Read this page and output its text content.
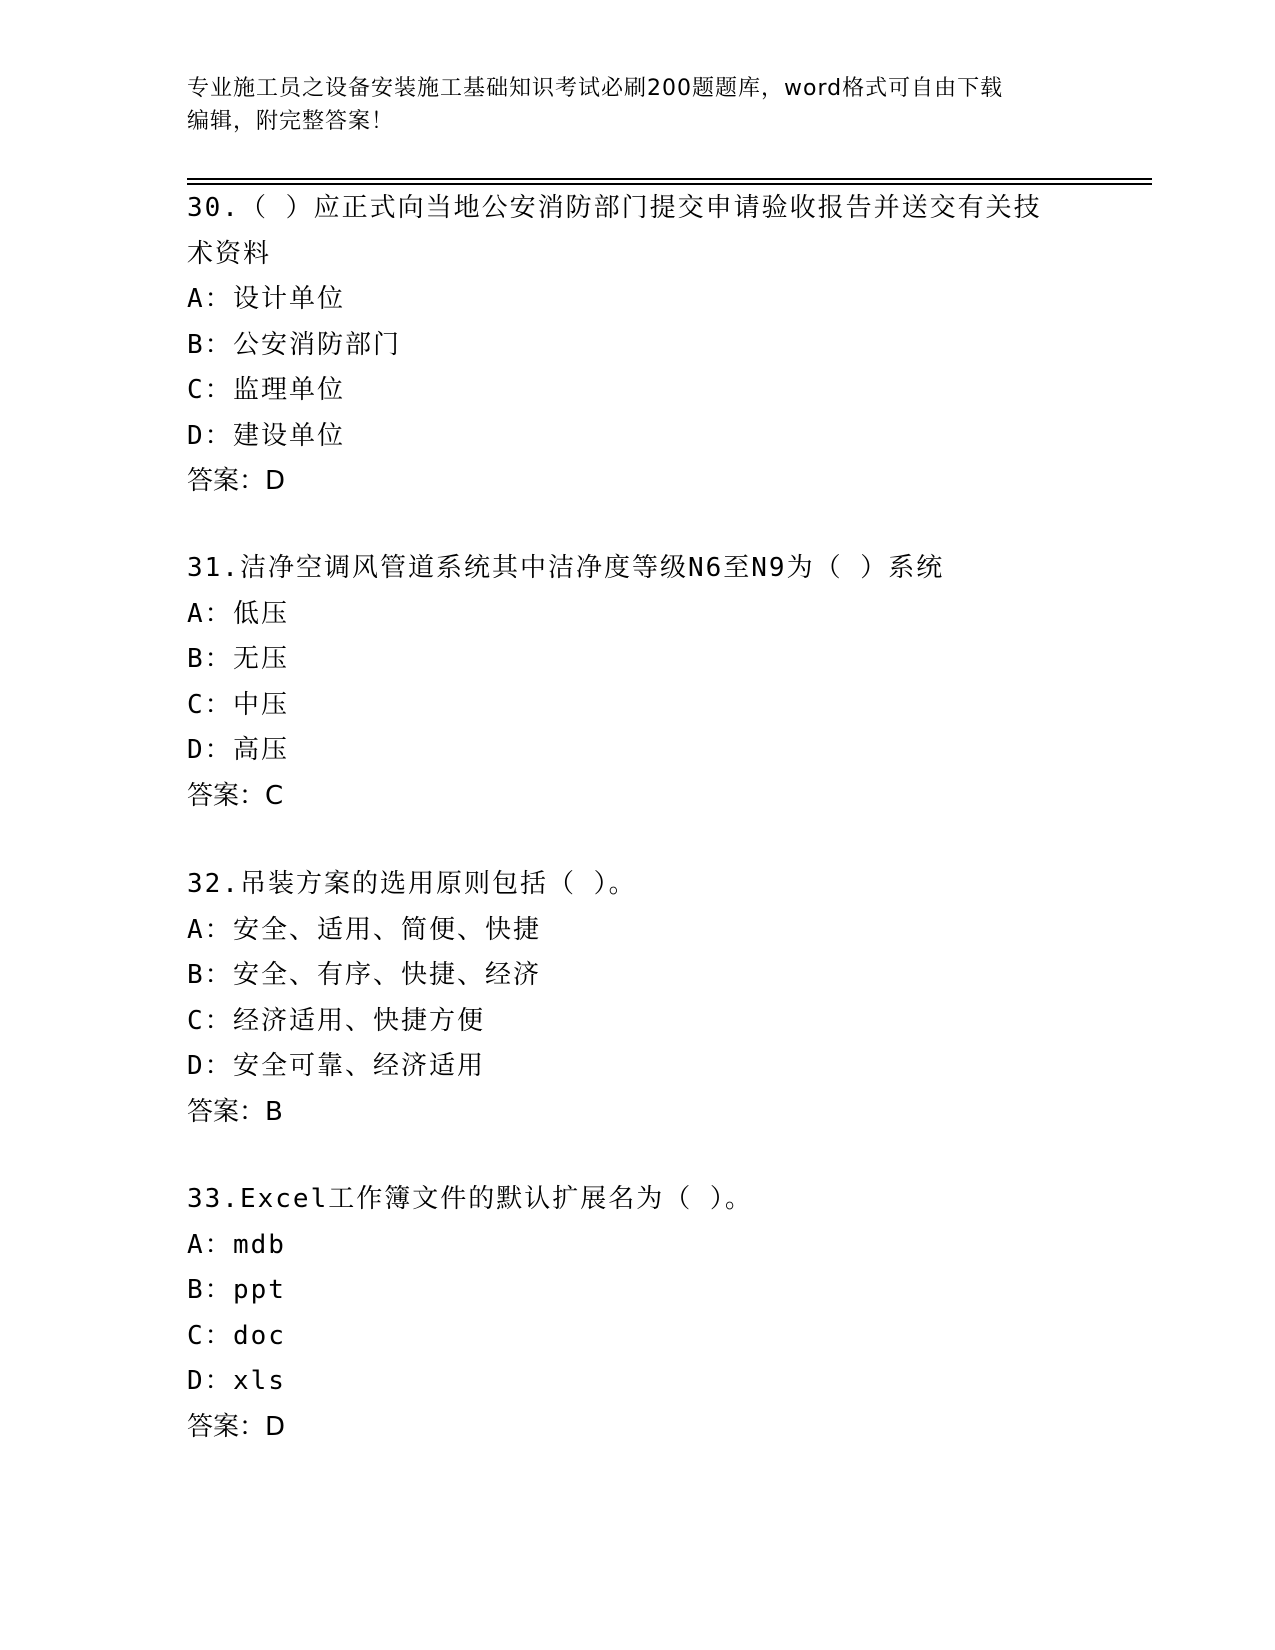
专业施工员之设备安装施工基础知识考试必刷200题题库，word格式可自由下载
编辑，附完整答案！
30.（ ）应正式向当地公安消防部门提交申请验收报告并送交有关技
术资料
A：设计单位
B：公安消防部门
C：监理单位
D：建设单位
答案：D
31.洁净空调风管道系统其中洁净度等级N6至N9为（ ）系统
A：低压
B：无压
C：中压
D：高压
答案：C
32.吊装方案的选用原则包括（ ）。
A：安全、适用、简便、快捷
B：安全、有序、快捷、经济
C：经济适用、快捷方便
D：安全可靠、经济适用
答案：B
33.Excel工作簿文件的默认扩展名为（ ）。
A：mdb
B：ppt
C：doc
D：xls
答案：D
